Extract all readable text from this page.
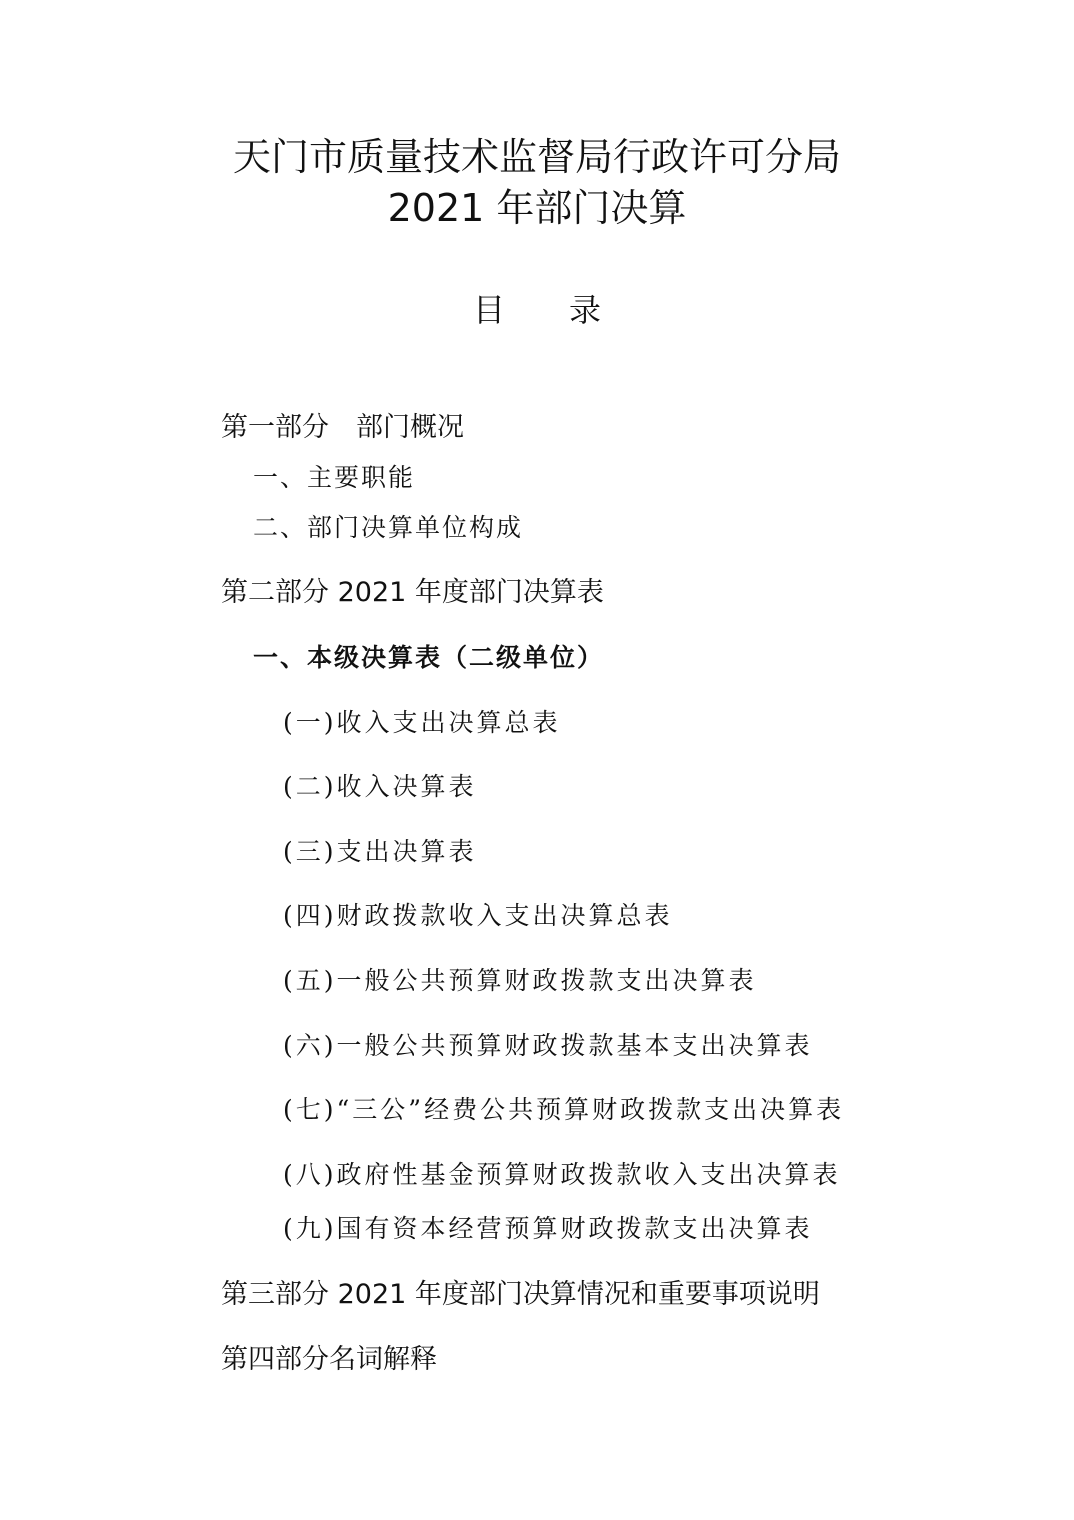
天门市质量技术监督局行政许可分局
2021 年部门决算
目 录
第一部分　部门概况
一、主要职能
二、部门决算单位构成
第二部分 2021 年度部门决算表
一、本级决算表（二级单位）
(一)收入支出决算总表
(二)收入决算表
(三)支出决算表
(四)财政拨款收入支出决算总表
(五)一般公共预算财政拨款支出决算表
(六)一般公共预算财政拨款基本支出决算表
(七)“三公”经费公共预算财政拨款支出决算表
(八)政府性基金预算财政拨款收入支出决算表
(九)国有资本经营预算财政拨款支出决算表
第三部分 2021 年度部门决算情况和重要事项说明
第四部分名词解释
